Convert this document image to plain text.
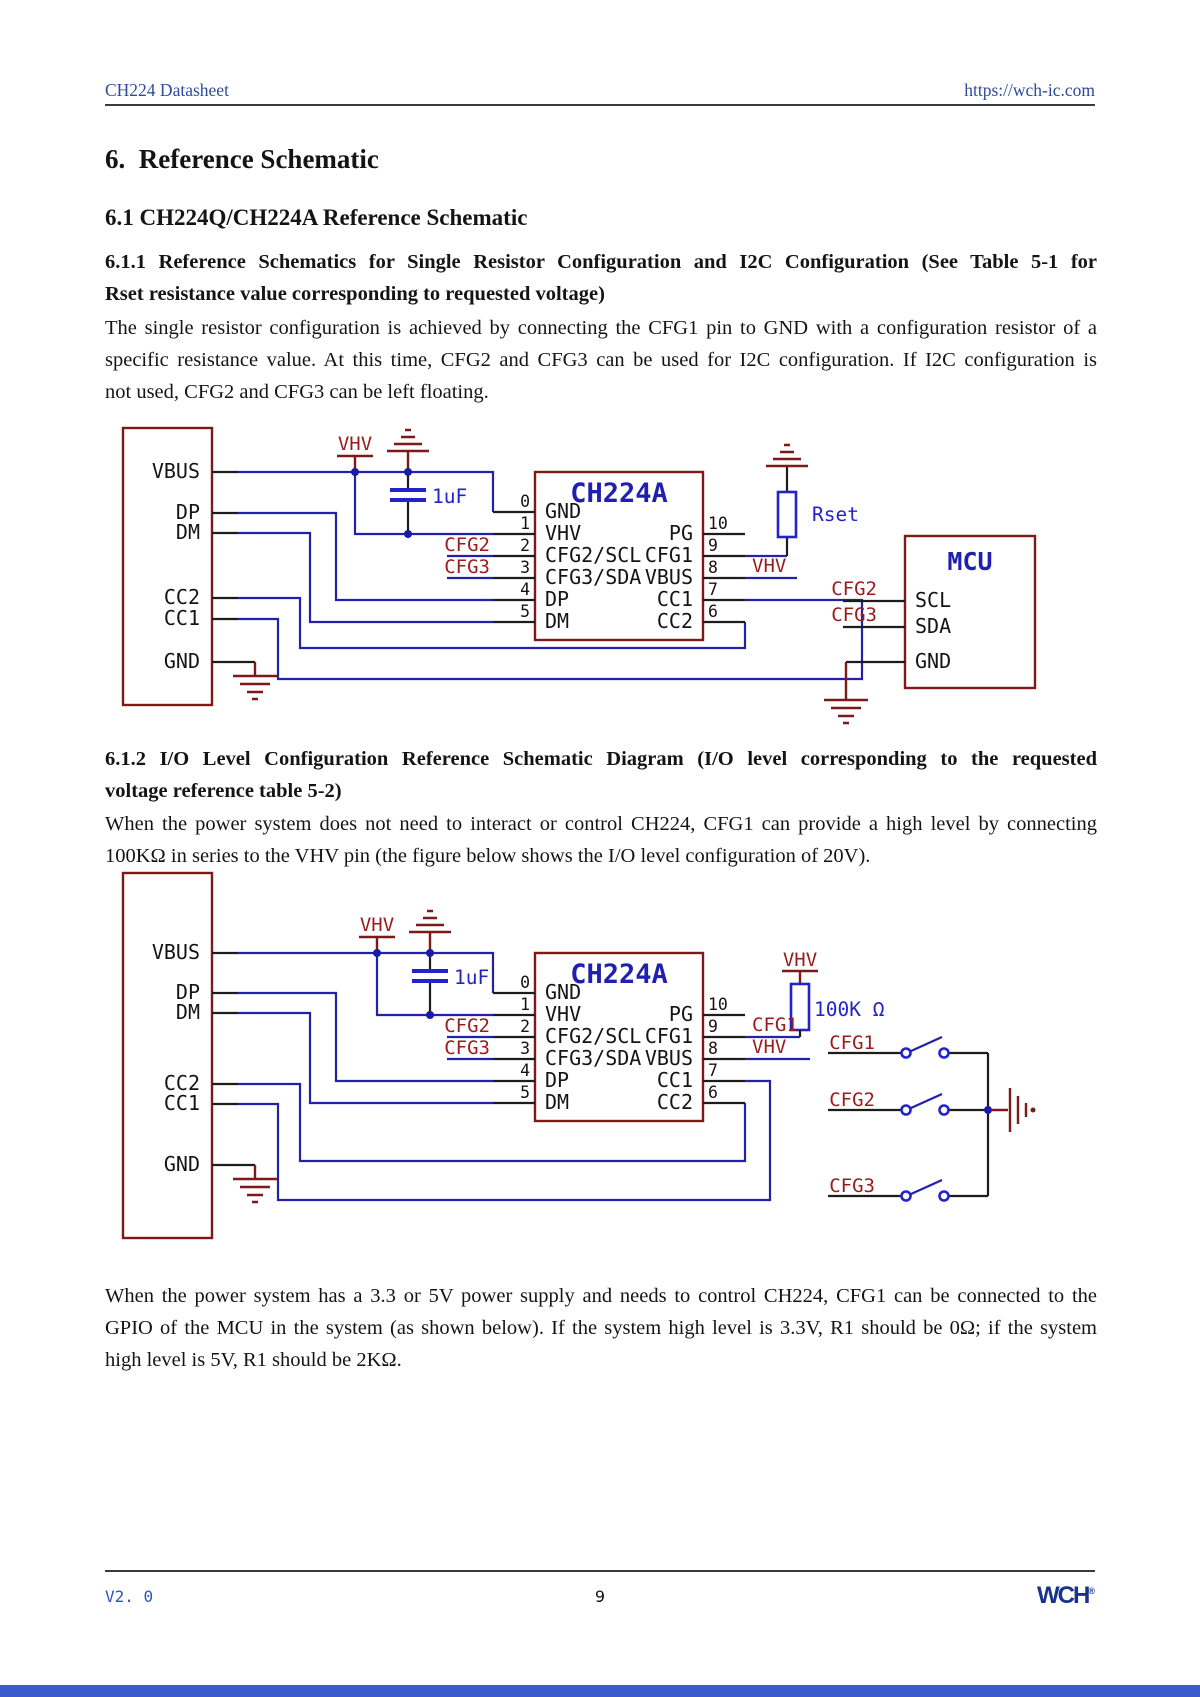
CH224 Datasheet	https://wch-ic.com
6.  Reference Schematic
6.1 CH224Q/CH224A Reference Schematic
6.1.1 Reference Schematics for Single Resistor Configuration and I2C Configuration (See Table 5-1 for
Rset resistance value corresponding to requested voltage)
The single resistor configuration is achieved by connecting the CFG1 pin to GND with a configuration resistor of a
specific resistance value. At this time, CFG2 and CFG3 can be used for I2C configuration. If I2C configuration is
not used, CFG2 and CFG3 can be left floating.
6.1.2 I/O Level Configuration Reference Schematic Diagram (I/O level corresponding to the requested
voltage reference table 5-2)
When the power system does not need to interact or control CH224, CFG1 can provide a high level by connecting
100KΩ in series to the VHV pin (the figure below shows the I/O level configuration of 20V).
When the power system has a 3.3 or 5V power supply and needs to control CH224, CFG1 can be connected to the
GPIO of the MCU in the system (as shown below). If the system high level is 3.3V, R1 should be 0Ω; if the system
high level is 5V, R1 should be 2KΩ.
VBUS
DP
DM
CC2
CC1
GND
VHV
1uF
CFG2
CFG3
CH224A
0
1
2
3
4
5
GND
VHV
CFG2/SCL
CFG3/SDA
DP
DM
10
9
8
7
6
PG
CFG1
VBUS
CC1
CC2
Rset
VHV	MCU
SCL
SDA
GND
CFG2
CFG3
VBUS
DP
DM
CC2
CC1
GND
VHV
1uF
CFG2
CFG3
CH224A
0
1
2
3
4
5
GND
VHV
CFG2/SCL
CFG3/SDA
DP
DM
10
9
8
7
6
PG
CFG1
VBUS
CC1
CC2
VHV
100K Ω
CFG1
VHV CFG1
CFG2
CFG3
V2. 0	9	WCH®
